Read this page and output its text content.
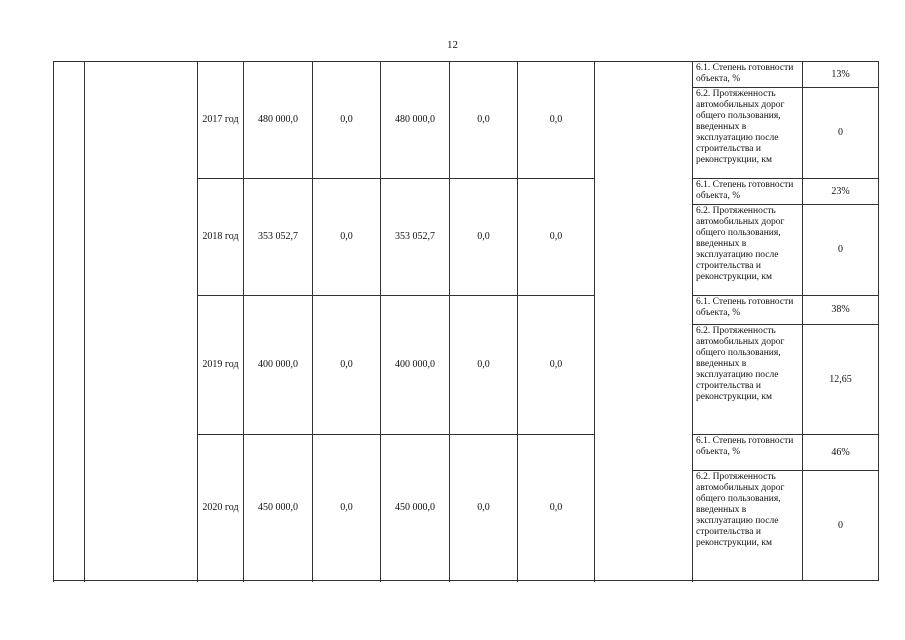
12
		2017 год	480 000,0	0,0	480 000,0	0,0	0,0		6.1. Степень готовности объекта, %	13%
									6.2. Протяженность автомобильных дорог общего пользования, введенных в эксплуатацию после строительства и реконструкции, км	0

		2018 год	353 052,7	0,0	353 052,7	0,0	0,0		6.1. Степень готовности объекта, %	23%
									6.2. Протяженность автомобильных дорог общего пользования, введенных в эксплуатацию после строительства и реконструкции, км	0

		2019 год	400 000,0	0,0	400 000,0	0,0	0,0		6.1. Степень готовности объекта, %	38%
									6.2. Протяженность автомобильных дорог общего пользования, введенных в эксплуатацию после строительства и реконструкции, км	12,65

		2020 год	450 000,0	0,0	450 000,0	0,0	0,0		6.1. Степень готовности объекта, %	46%
									6.2. Протяженность автомобильных дорог общего пользования, введенных в эксплуатацию после строительства и реконструкции, км	0
